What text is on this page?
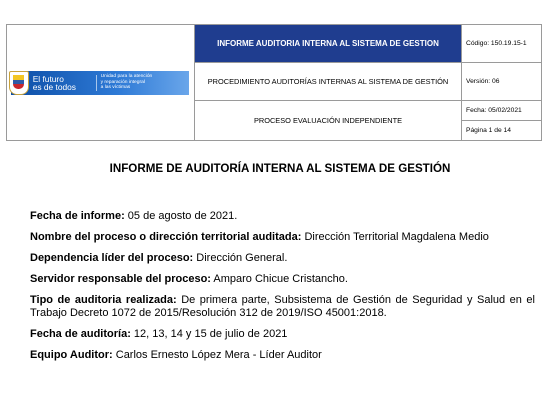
El futuro
es de todos
Unidad para la atención
y reparación integral
a las víctimas	INFORME AUDITORIA INTERNA AL SISTEMA DE GESTION	Código: 150.19.15-1
	PROCEDIMIENTO AUDITORÍAS INTERNAS AL SISTEMA DE GESTIÓN	Versión: 06
	PROCESO EVALUACIÓN INDEPENDIENTE	Fecha: 05/02/2021
Página 1 de 14
INFORME DE AUDITORÍA INTERNA AL SISTEMA DE GESTIÓN
Fecha de informe: 05 de agosto de 2021.
Nombre del proceso o dirección territorial auditada: Dirección Territorial Magdalena Medio
Dependencia líder del proceso: Dirección General.
Servidor responsable del proceso: Amparo Chicue Cristancho.
Tipo de auditoria realizada: De primera parte, Subsistema de Gestión de Seguridad y Salud en el Trabajo Decreto 1072 de 2015/Resolución 312 de 2019/ISO 45001:2018.
Fecha de auditoría: 12, 13, 14 y 15 de julio de 2021
Equipo Auditor: Carlos Ernesto López Mera - Líder Auditor
